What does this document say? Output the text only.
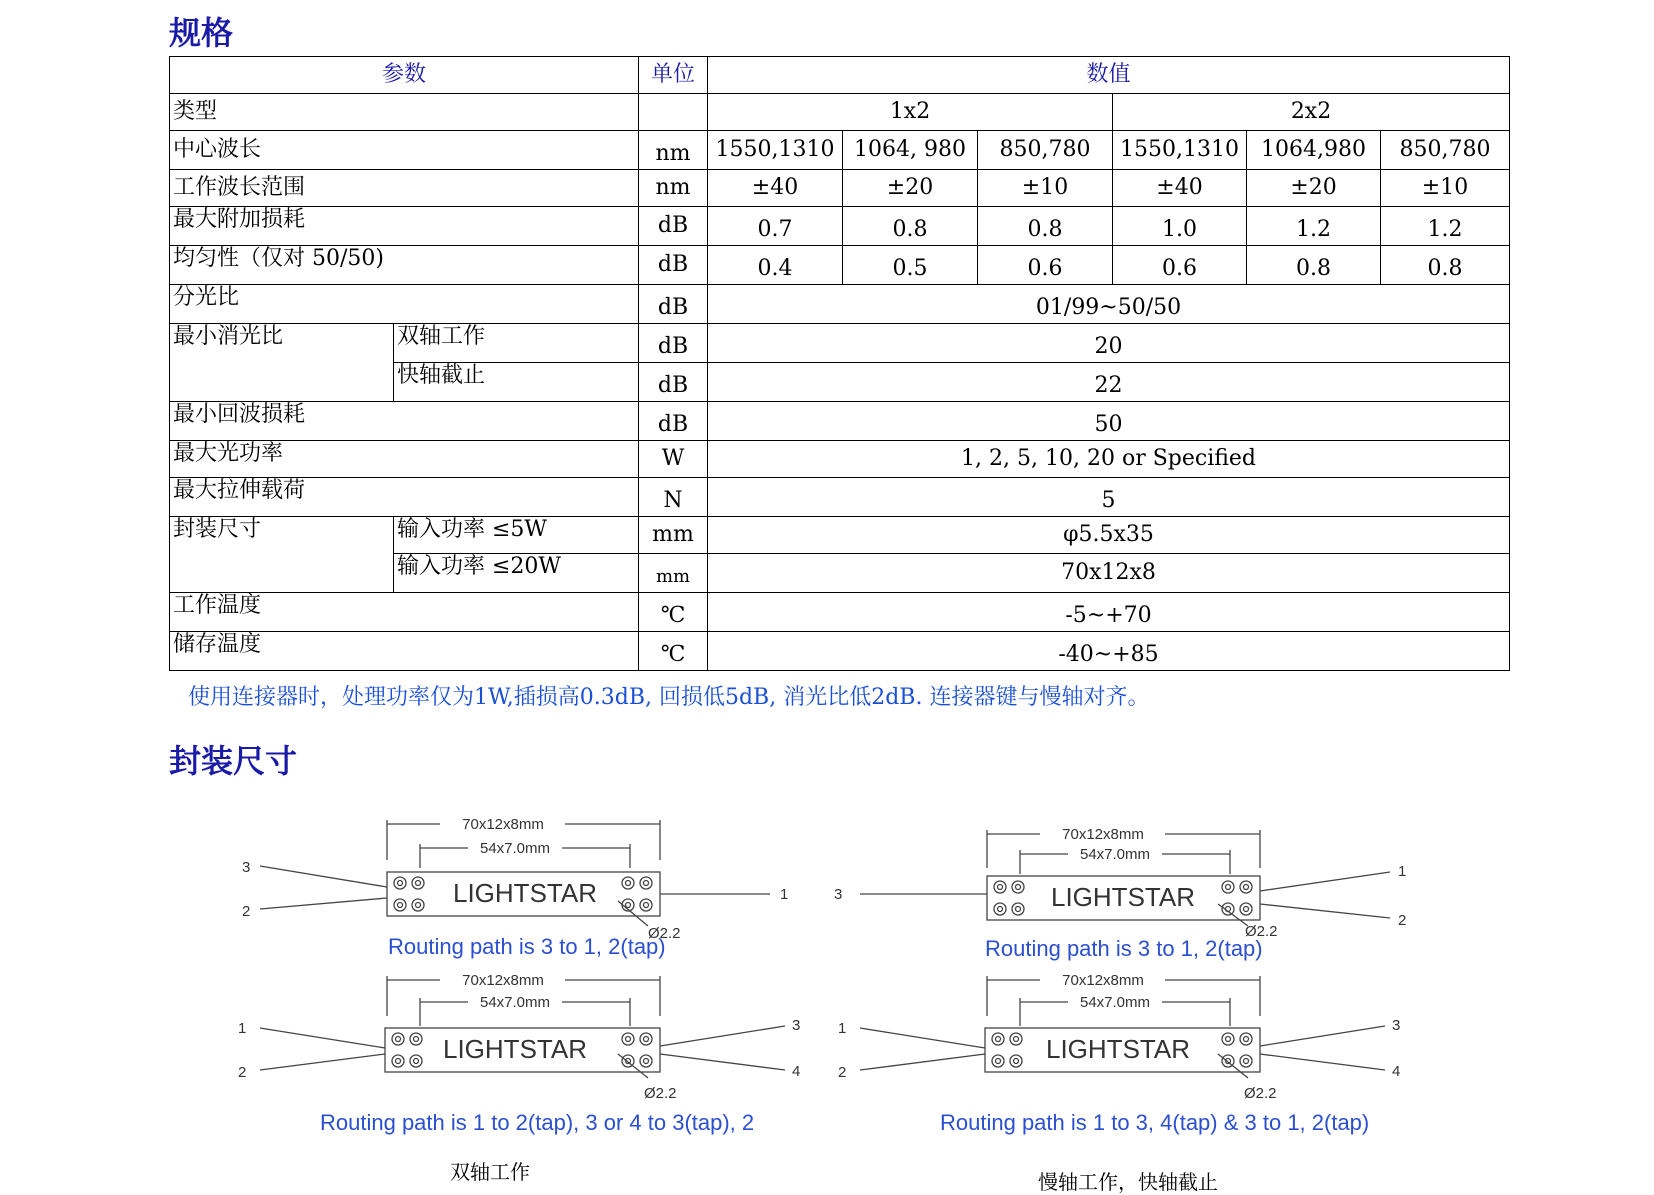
规格
参数		单位	数值					
类型			1x2			2x2		
中心波长		nm	1550,1310	1064, 980	850,780	1550,1310	1064,980	850,780
工作波长范围		nm	±40	±20	±10	±40	±20	±10
最大附加损耗		dB	0.7	0.8	0.8	1.0	1.2	1.2
均匀性（仅对 50/50)		dB	0.4	0.5	0.6	0.6	0.8	0.8
分光比		dB	01/99~50/50					
最小消光比	双轴工作	dB	20					
	快轴截止	dB	22					
最小回波损耗		dB	50					
最大光功率		W	1, 2, 5, 10, 20 or Specified					
最大拉伸载荷		N	5					
封装尺寸	输入功率 ≤5W	mm	φ5.5x35					
	输入功率 ≤20W	mm	70x12x8					
工作温度		℃	-5~+70					
储存温度		℃	-40~+85					

使用连接器时，处理功率仅为1W,插损高0.3dB, 回损低5dB, 消光比低2dB. 连接器键与慢轴对齐。

封装尺寸
70x12x8mm
54x7.0mm
LIGHTSTAR
3
2
1
Ø2.2
Routing path is 3 to 1, 2(tap)
70x12x8mm
54x7.0mm
LIGHTSTAR
3
1
2
Ø2.2
Routing path is 3 to 1, 2(tap)
70x12x8mm
54x7.0mm
LIGHTSTAR
1
2
3
4
Ø2.2
Routing path is 1 to 2(tap), 3 or 4 to 3(tap), 2
70x12x8mm
54x7.0mm
LIGHTSTAR
1
2
3
4
Ø2.2
Routing path is 1 to 3, 4(tap) & 3 to 1, 2(tap)
双轴工作	慢轴工作，快轴截止
